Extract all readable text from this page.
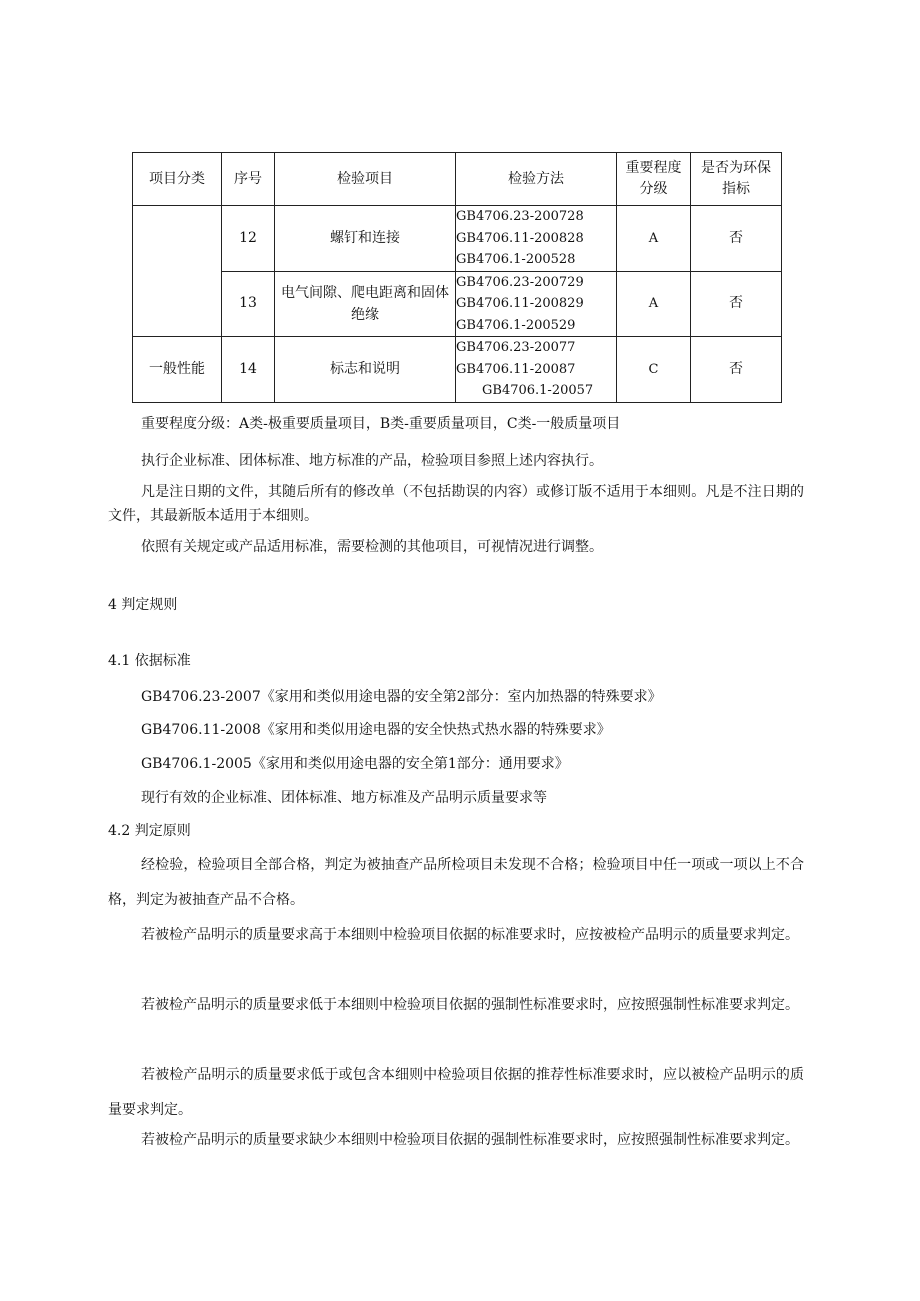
项目分类	序号	检验项目	检验方法	重要程度分级	是否为环保指标
	12	螺钉和连接	GB4706.23-200728
GB4706.11-200828
GB4706.1-200528	A	否
	13	电气间隙、爬电距离和固体绝缘	GB4706.23-200729
GB4706.11-200829
GB4706.1-200529	A	否
一般性能	14	标志和说明	GB4706.23-20077
GB4706.11-20087
GB4706.1-20057	C	否
重要程度分级：A类-极重要质量项目，B类-重要质量项目，C类-一般质量项目
执行企业标准、团体标准、地方标准的产品，检验项目参照上述内容执行。
凡是注日期的文件，其随后所有的修改单（不包括勘误的内容）或修订版不适用于本细则。凡是不注日期的文件，其最新版本适用于本细则。
依照有关规定或产品适用标准，需要检测的其他项目，可视情况进行调整。
4 判定规则
4.1 依据标准
GB4706.23-2007《家用和类似用途电器的安全第2部分：室内加热器的特殊要求》
GB4706.11-2008《家用和类似用途电器的安全快热式热水器的特殊要求》
GB4706.1-2005《家用和类似用途电器的安全第1部分：通用要求》
现行有效的企业标准、团体标准、地方标准及产品明示质量要求等
4.2 判定原则
经检验，检验项目全部合格，判定为被抽查产品所检项目未发现不合格；检验项目中任一项或一项以上不合格，判定为被抽查产品不合格。
若被检产品明示的质量要求高于本细则中检验项目依据的标准要求时，应按被检产品明示的质量要求判定。
若被检产品明示的质量要求低于本细则中检验项目依据的强制性标准要求时，应按照强制性标准要求判定。
若被检产品明示的质量要求低于或包含本细则中检验项目依据的推荐性标准要求时，应以被检产品明示的质量要求判定。
若被检产品明示的质量要求缺少本细则中检验项目依据的强制性标准要求时，应按照强制性标准要求判定。
